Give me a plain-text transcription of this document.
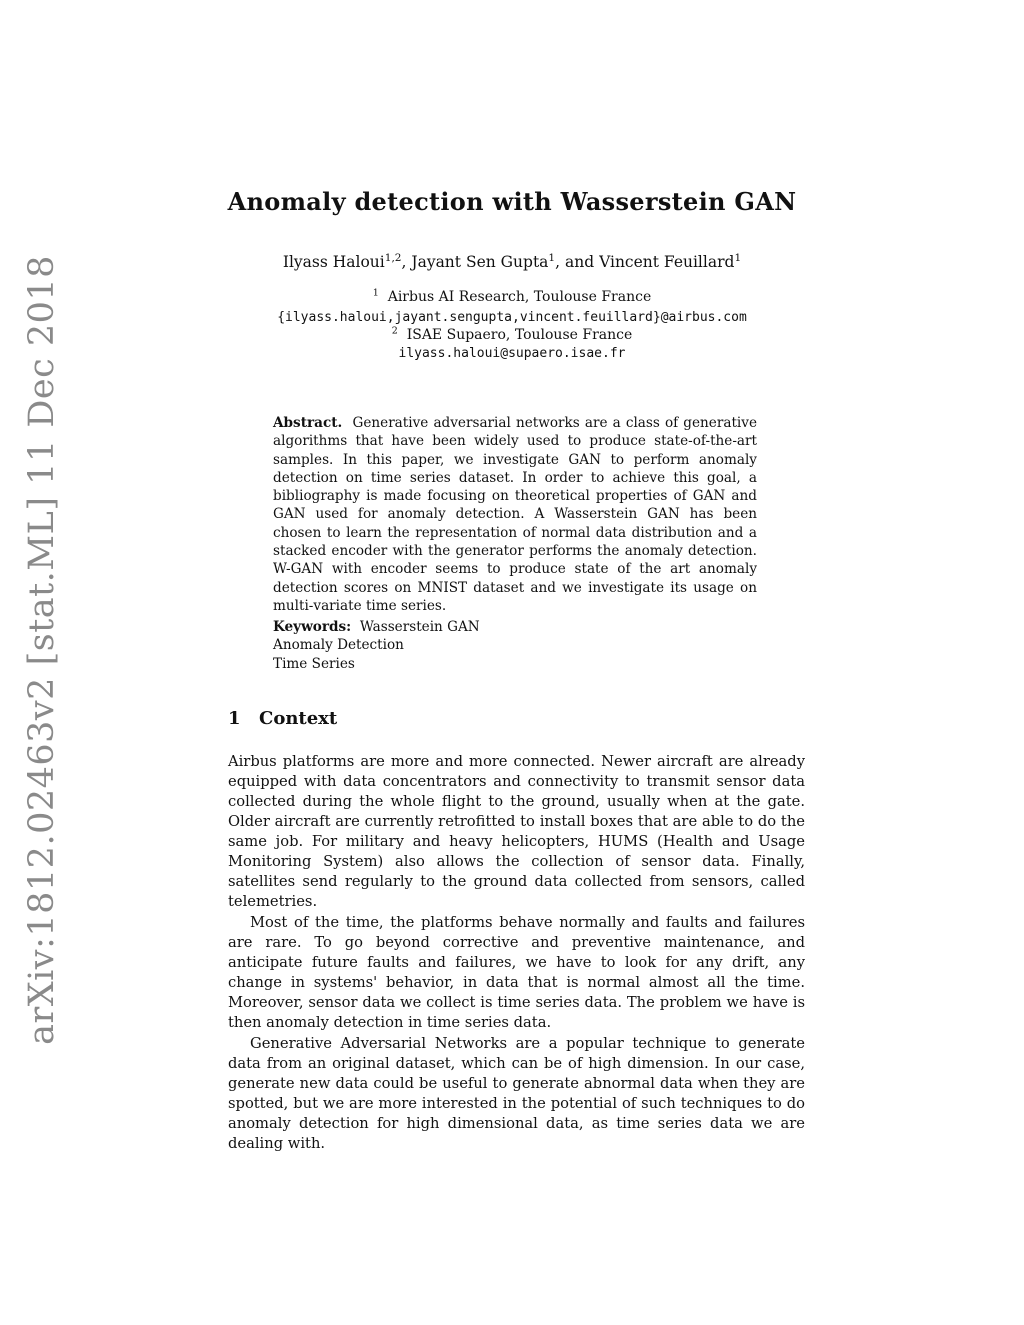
arXiv:1812.02463v2 [stat.ML] 11 Dec 2018
Anomaly detection with Wasserstein GAN
Ilyass Haloui$^{1,2}$, Jayant Sen Gupta$^1$, and Vincent Feuillard$^1$
$^1$ Airbus AI Research, Toulouse France
{ilyass.haloui,jayant.sengupta,vincent.feuillard}@airbus.com
$^2$ ISAE Supaero, Toulouse France
ilyass.haloui@supaero.isae.fr
Abstract. Generative adversarial networks are a class of generative algorithms that have been widely used to produce state-of-the-art samples. In this paper, we investigate GAN to perform anomaly detection on time series dataset. In order to achieve this goal, a bibliography is made focusing on theoretical properties of GAN and GAN used for anomaly detection. A Wasserstein GAN has been chosen to learn the representation of normal data distribution and a stacked encoder with the generator performs the anomaly detection. W-GAN with encoder seems to produce state of the art anomaly detection scores on MNIST dataset and we investigate its usage on multi-variate time series.
Keywords: Wasserstein GAN
Anomaly Detection
Time Series
1 Context

Airbus platforms are more and more connected. Newer aircraft are already equipped with data concentrators and connectivity to transmit sensor data collected during the whole flight to the ground, usually when at the gate. Older aircraft are currently retrofitted to install boxes that are able to do the same job. For military and heavy helicopters, HUMS (Health and Usage Monitoring System) also allows the collection of sensor data. Finally, satellites send regularly to the ground data collected from sensors, called telemetries.

Most of the time, the platforms behave normally and faults and failures are rare. To go beyond corrective and preventive maintenance, and anticipate future faults and failures, we have to look for any drift, any change in systems' behavior, in data that is normal almost all the time. Moreover, sensor data we collect is time series data. The problem we have is then anomaly detection in time series data.

Generative Adversarial Networks are a popular technique to generate data from an original dataset, which can be of high dimension. In our case, generate new data could be useful to generate abnormal data when they are spotted, but we are more interested in the potential of such techniques to do anomaly detection for high dimensional data, as time series data we are dealing with.
